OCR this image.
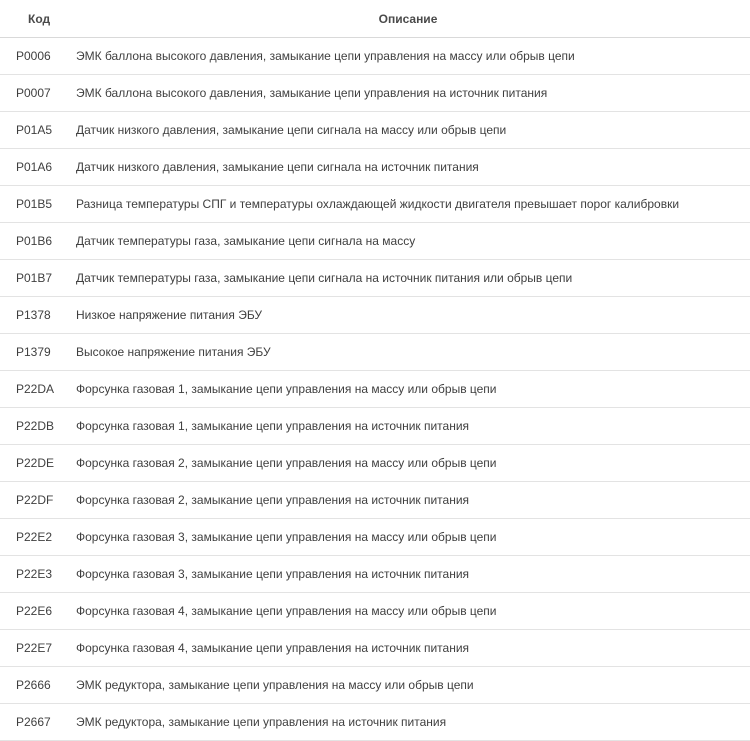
Код	Описание
P0006	ЭМК баллона высокого давления, замыкание цепи управления на массу или обрыв цепи
P0007	ЭМК баллона высокого давления, замыкание цепи управления на источник питания
P01A5	Датчик низкого давления, замыкание цепи сигнала на массу или обрыв цепи
P01A6	Датчик низкого давления, замыкание цепи сигнала на источник питания
P01B5	Разница температуры СПГ и температуры охлаждающей жидкости двигателя превышает порог калибровки
P01B6	Датчик температуры газа, замыкание цепи сигнала на массу
P01B7	Датчик температуры газа, замыкание цепи сигнала на источник питания или обрыв цепи
P1378	Низкое напряжение питания ЭБУ
P1379	Высокое напряжение питания ЭБУ
P22DA	Форсунка газовая 1, замыкание цепи управления на массу или обрыв цепи
P22DB	Форсунка газовая 1, замыкание цепи управления на источник питания
P22DE	Форсунка газовая 2, замыкание цепи управления на массу или обрыв цепи
P22DF	Форсунка газовая 2, замыкание цепи управления на источник питания
P22E2	Форсунка газовая 3, замыкание цепи управления на массу или обрыв цепи
P22E3	Форсунка газовая 3, замыкание цепи управления на источник питания
P22E6	Форсунка газовая 4, замыкание цепи управления на массу или обрыв цепи
P22E7	Форсунка газовая 4, замыкание цепи управления на источник питания
P2666	ЭМК редуктора, замыкание цепи управления на массу или обрыв цепи
P2667	ЭМК редуктора, замыкание цепи управления на источник питания
